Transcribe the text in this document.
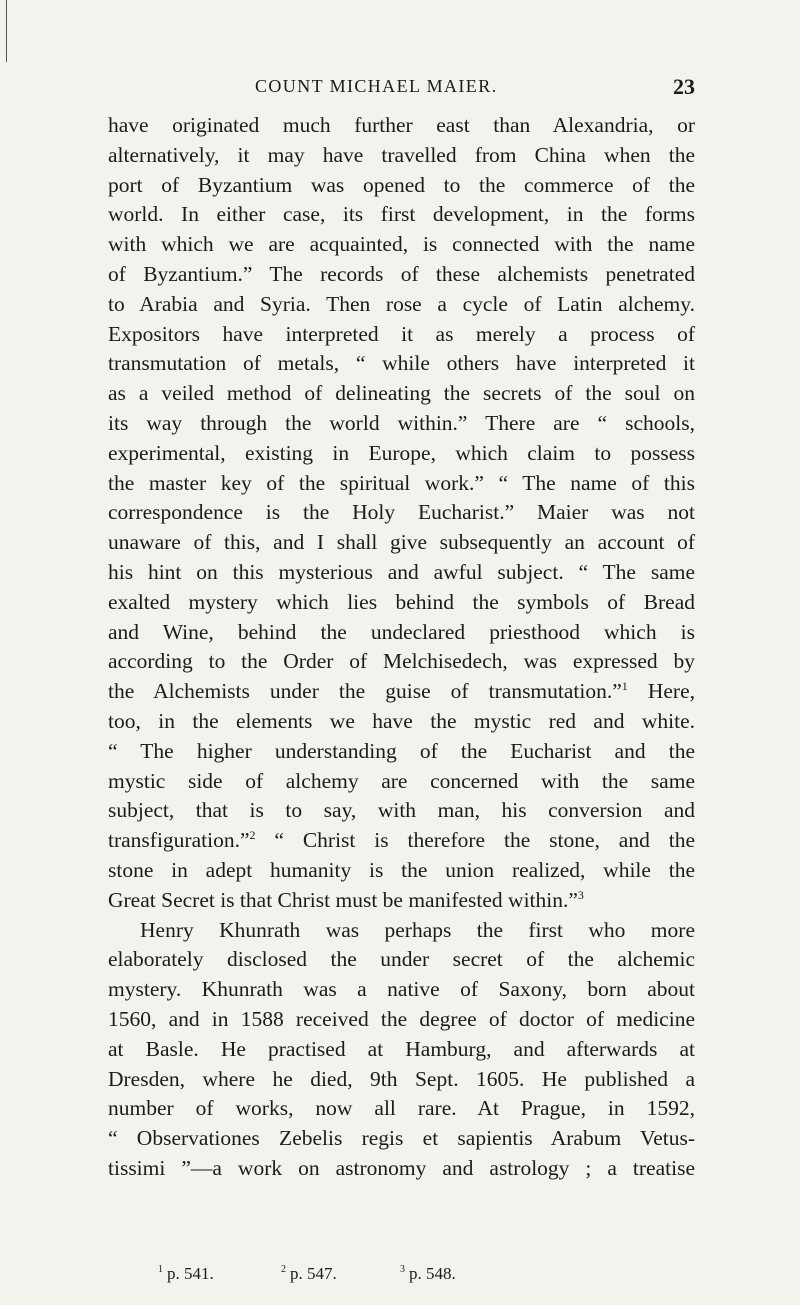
COUNT MICHAEL MAIER.	23
have originated much further east than Alexandria, or
alternatively, it may have travelled from China when the
port of Byzantium was opened to the commerce of the
world. In either case, its first development, in the forms
with which we are acquainted, is connected with the name
of Byzantium.” The records of these alchemists penetrated
to Arabia and Syria. Then rose a cycle of Latin alchemy.
Expositors have interpreted it as merely a process of
transmutation of metals, “ while others have interpreted it
as a veiled method of delineating the secrets of the soul on
its way through the world within.” There are “ schools,
experimental, existing in Europe, which claim to possess
the master key of the spiritual work.” “ The name of this
correspondence is the Holy Eucharist.” Maier was not
unaware of this, and I shall give subsequently an account of
his hint on this mysterious and awful subject. “ The same
exalted mystery which lies behind the symbols of Bread
and Wine, behind the undeclared priesthood which is
according to the Order of Melchisedech, was expressed by
the Alchemists under the guise of transmutation.”$^1$ Here,
too, in the elements we have the mystic red and white.
“ The higher understanding of the Eucharist and the
mystic side of alchemy are concerned with the same
subject, that is to say, with man, his conversion and
transfiguration.”$^2$ “ Christ is therefore the stone, and the
stone in adept humanity is the union realized, while the
Great Secret is that Christ must be manifested within.”$^3$
Henry Khunrath was perhaps the first who more
elaborately disclosed the under secret of the alchemic
mystery. Khunrath was a native of Saxony, born about
1560, and in 1588 received the degree of doctor of medicine
at Basle. He practised at Hamburg, and afterwards at
Dresden, where he died, 9th Sept. 1605. He published a
number of works, now all rare. At Prague, in 1592,
“ Observationes Zebelis regis et sapientis Arabum Vetus-
tissimi ”—a work on astronomy and astrology ; a treatise
$^1$ p. 541.	$^2$ p. 547.	$^3$ p. 548.
